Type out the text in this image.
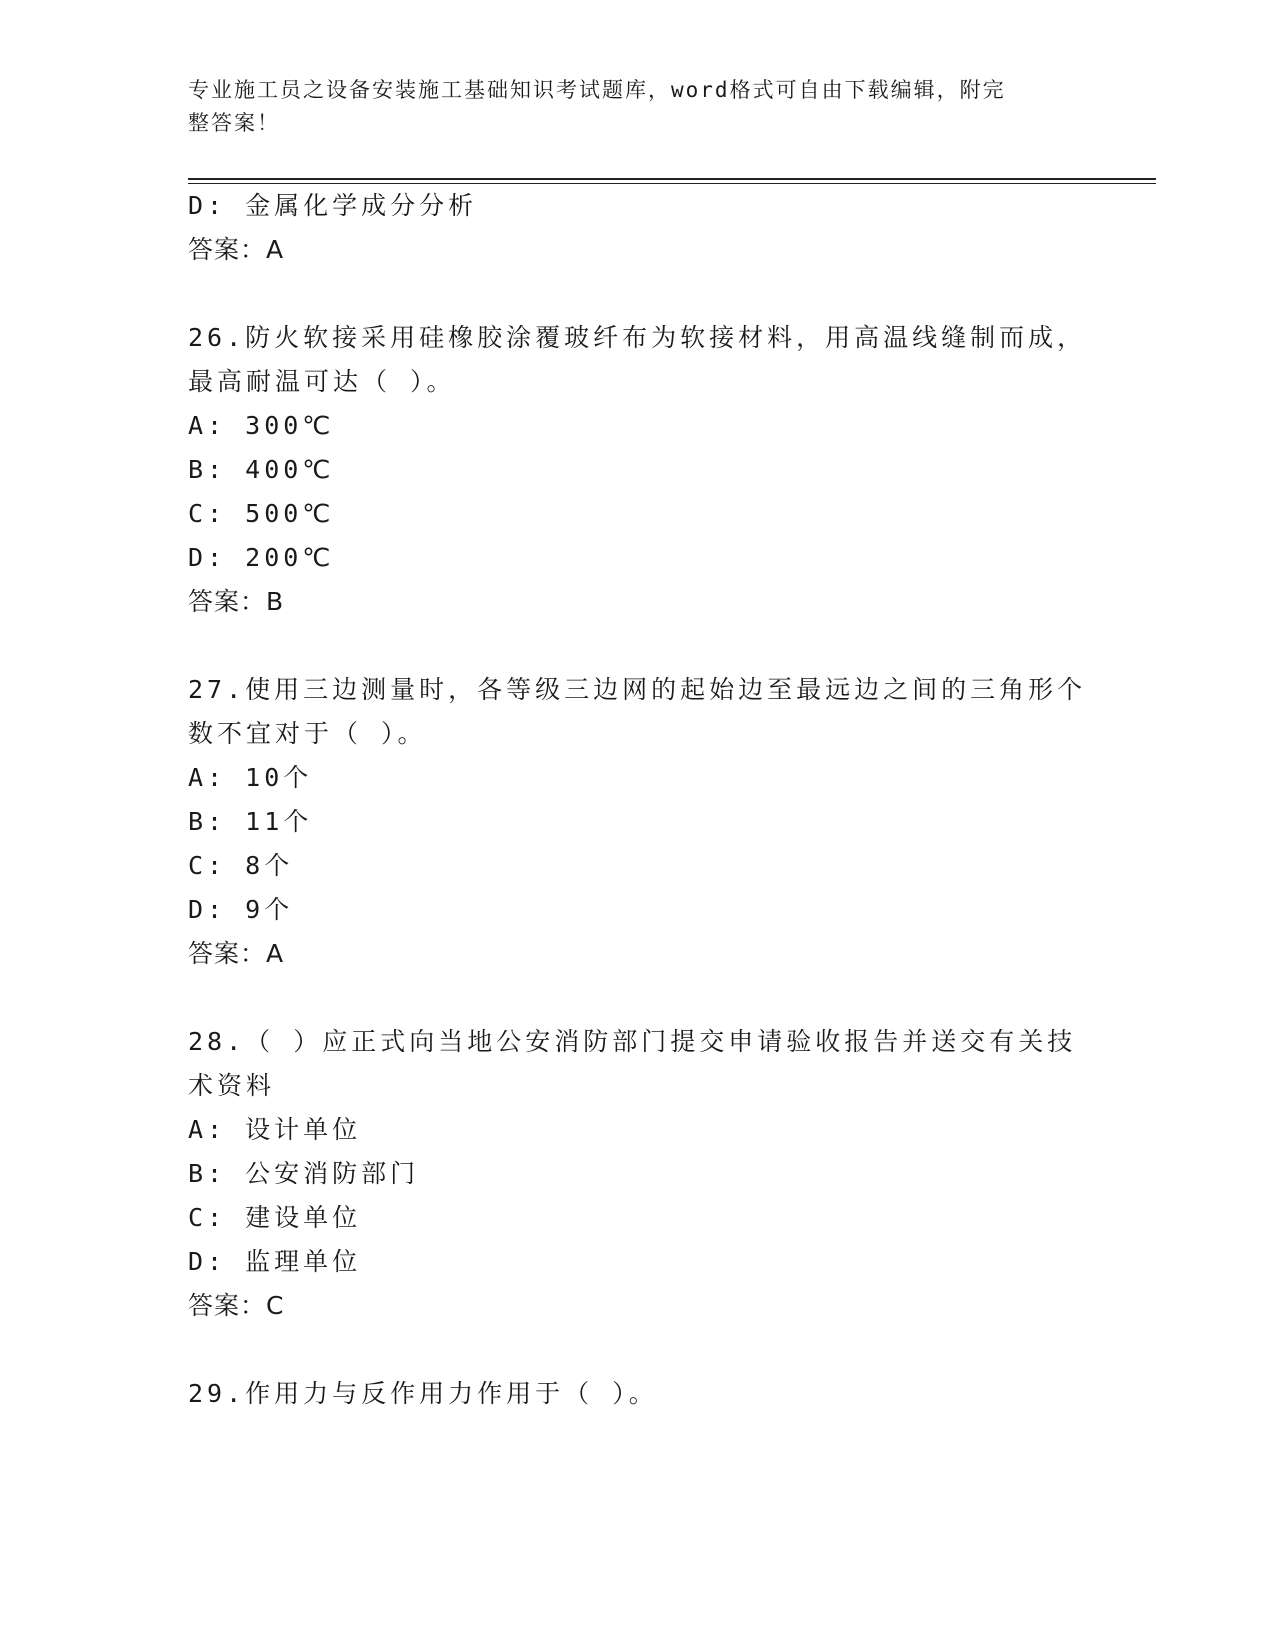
专业施工员之设备安装施工基础知识考试题库，word格式可自由下载编辑，附完
整答案！
D: 金属化学成分分析
答案：A
26.防火软接采用硅橡胶涂覆玻纤布为软接材料，用高温线缝制而成，
最高耐温可达（ ）。
A: 300℃
B: 400℃
C: 500℃
D: 200℃
答案：B
27.使用三边测量时，各等级三边网的起始边至最远边之间的三角形个
数不宜对于（ ）。
A: 10个
B: 11个
C: 8个
D: 9个
答案：A
28.（ ）应正式向当地公安消防部门提交申请验收报告并送交有关技
术资料
A: 设计单位
B: 公安消防部门
C: 建设单位
D: 监理单位
答案：C
29.作用力与反作用力作用于（ ）。
